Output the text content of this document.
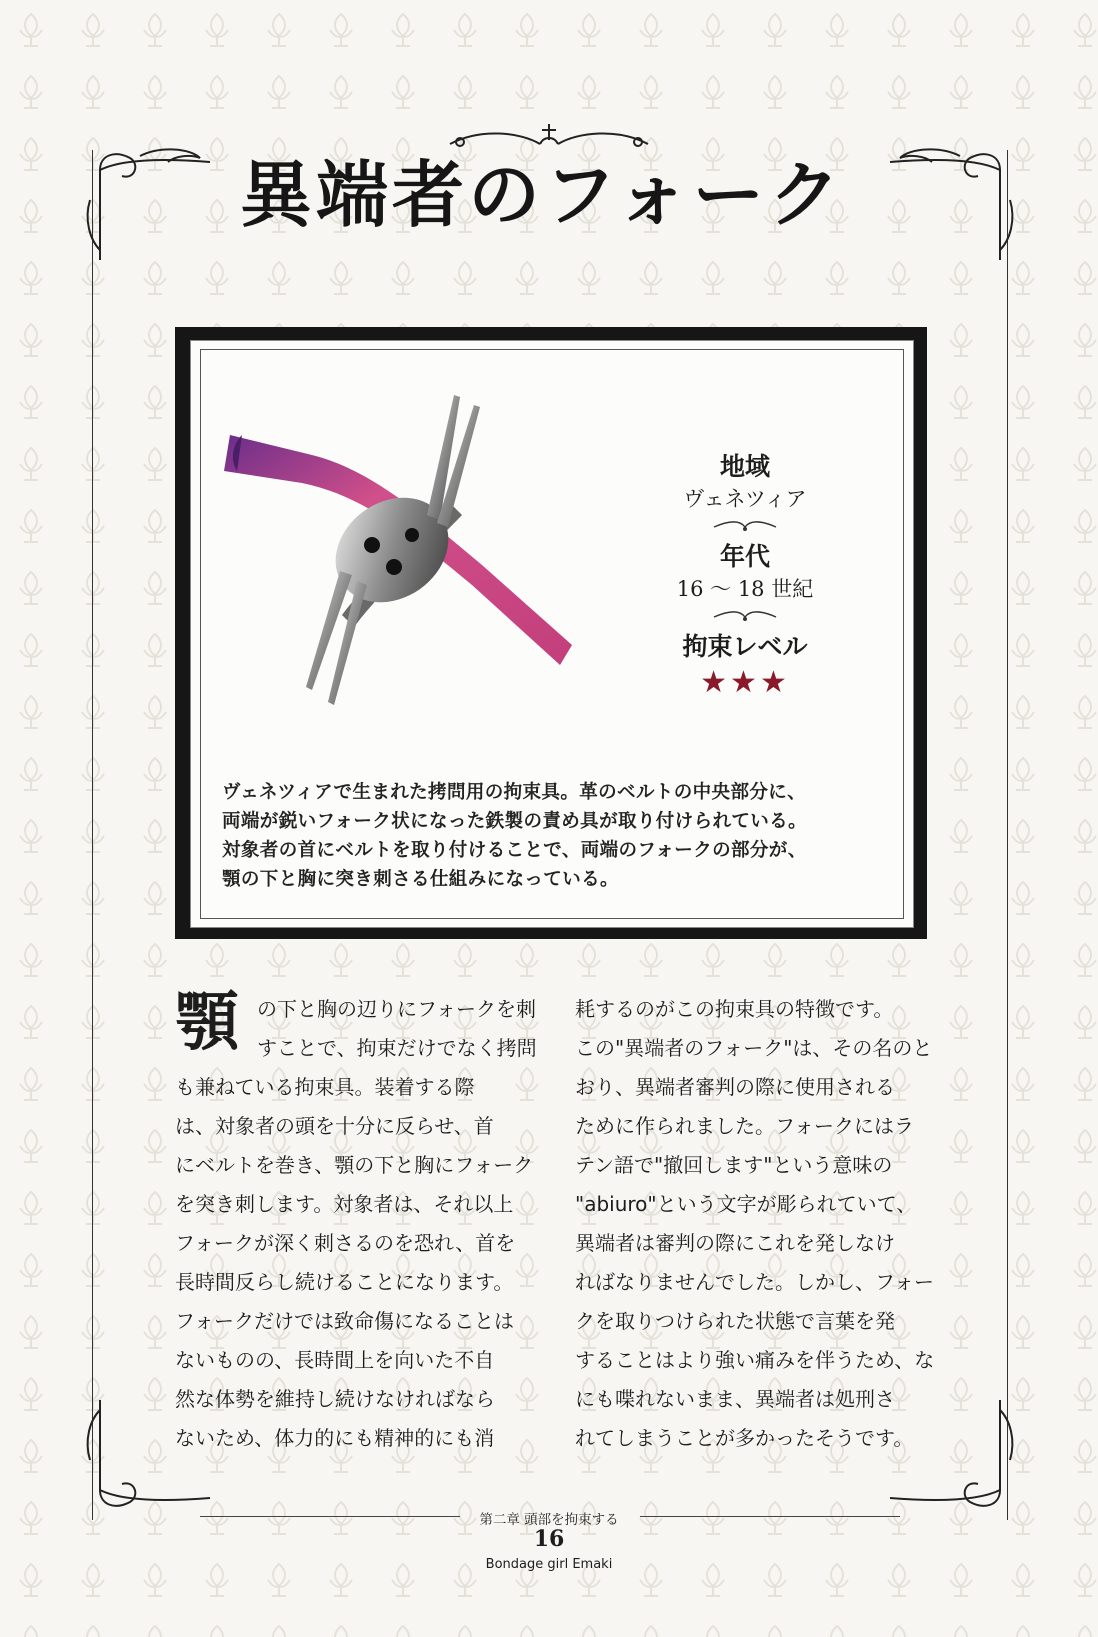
異端者のフォーク
地域
ヴェネツィア
年代
16 ～ 18 世紀
拘束レベル
★★★
ヴェネツィアで生まれた拷問用の拘束具。革のベルトの中央部分に、
両端が鋭いフォーク状になった鉄製の責め具が取り付けられている。
対象者の首にベルトを取り付けることで、両端のフォークの部分が、
顎の下と胸に突き刺さる仕組みになっている。
顎 の下と胸の辺りにフォークを刺
すことで、拘束だけでなく拷問
も兼ねている拘束具。装着する際
は、対象者の頭を十分に反らせ、首
にベルトを巻き、顎の下と胸にフォーク
を突き刺します。対象者は、それ以上
フォークが深く刺さるのを恐れ、首を
長時間反らし続けることになります。
フォークだけでは致命傷になることは
ないものの、長時間上を向いた不自
然な体勢を維持し続けなければなら
ないため、体力的にも精神的にも消
耗するのがこの拘束具の特徴です。
この"異端者のフォーク"は、その名のと
おり、異端者審判の際に使用される
ために作られました。フォークにはラ
テン語で"撤回します"という意味の
"abiuro"という文字が彫られていて、
異端者は審判の際にこれを発しなけ
ればなりませんでした。しかし、フォー
クを取りつけられた状態で言葉を発
することはより強い痛みを伴うため、な
にも喋れないまま、異端者は処刑さ
れてしまうことが多かったそうです。
第二章 頭部を拘束する
16
Bondage girl Emaki
